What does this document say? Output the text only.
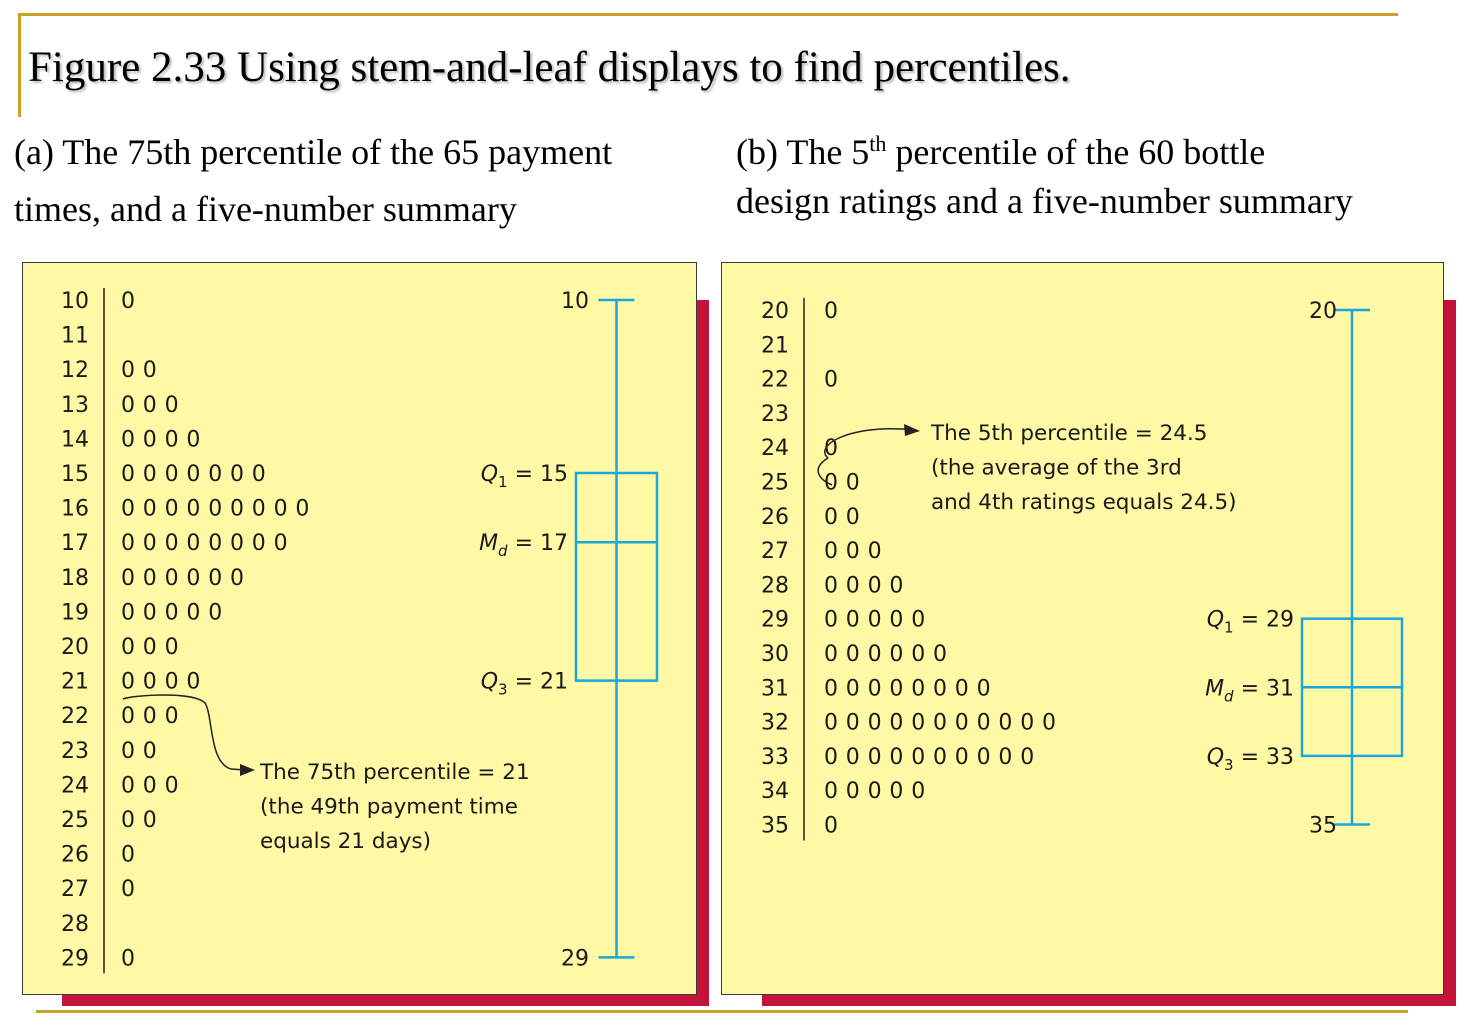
Figure 2.33 Using stem-and-leaf displays to find percentiles.
(a) The 75th percentile of the 65 payment
times, and a five-number summary
(b) The 5th percentile of the 60 bottle
design ratings and a five-number summary
10 0
11
12 0 0
13 0 0 0
14 0 0 0 0
15 0 0 0 0 0 0 0
16 0 0 0 0 0 0 0 0 0
17 0 0 0 0 0 0 0 0
18 0 0 0 0 0 0
19 0 0 0 0 0
20 0 0 0
21 0 0 0 0
22 0 0 0
23 0 0
24 0 0 0
25 0 0
26 0
27 0
28
29 0
10
29
$Q_1 = 15$
$M_d = 17$
$Q_3 = 21$
The 75th percentile = 21
(the 49th payment time
equals 21 days)
20 0
21
22 0
23
24 0
25 0 0
26 0 0
27 0 0 0
28 0 0 0 0
29 0 0 0 0 0
30 0 0 0 0 0 0
31 0 0 0 0 0 0 0 0
32 0 0 0 0 0 0 0 0 0 0 0
33 0 0 0 0 0 0 0 0 0 0
34 0 0 0 0 0
35 0
20
35
$Q_1 = 29$
$M_d = 31$
$Q_3 = 33$
The 5th percentile = 24.5
(the average of the 3rd
and 4th ratings equals 24.5)
